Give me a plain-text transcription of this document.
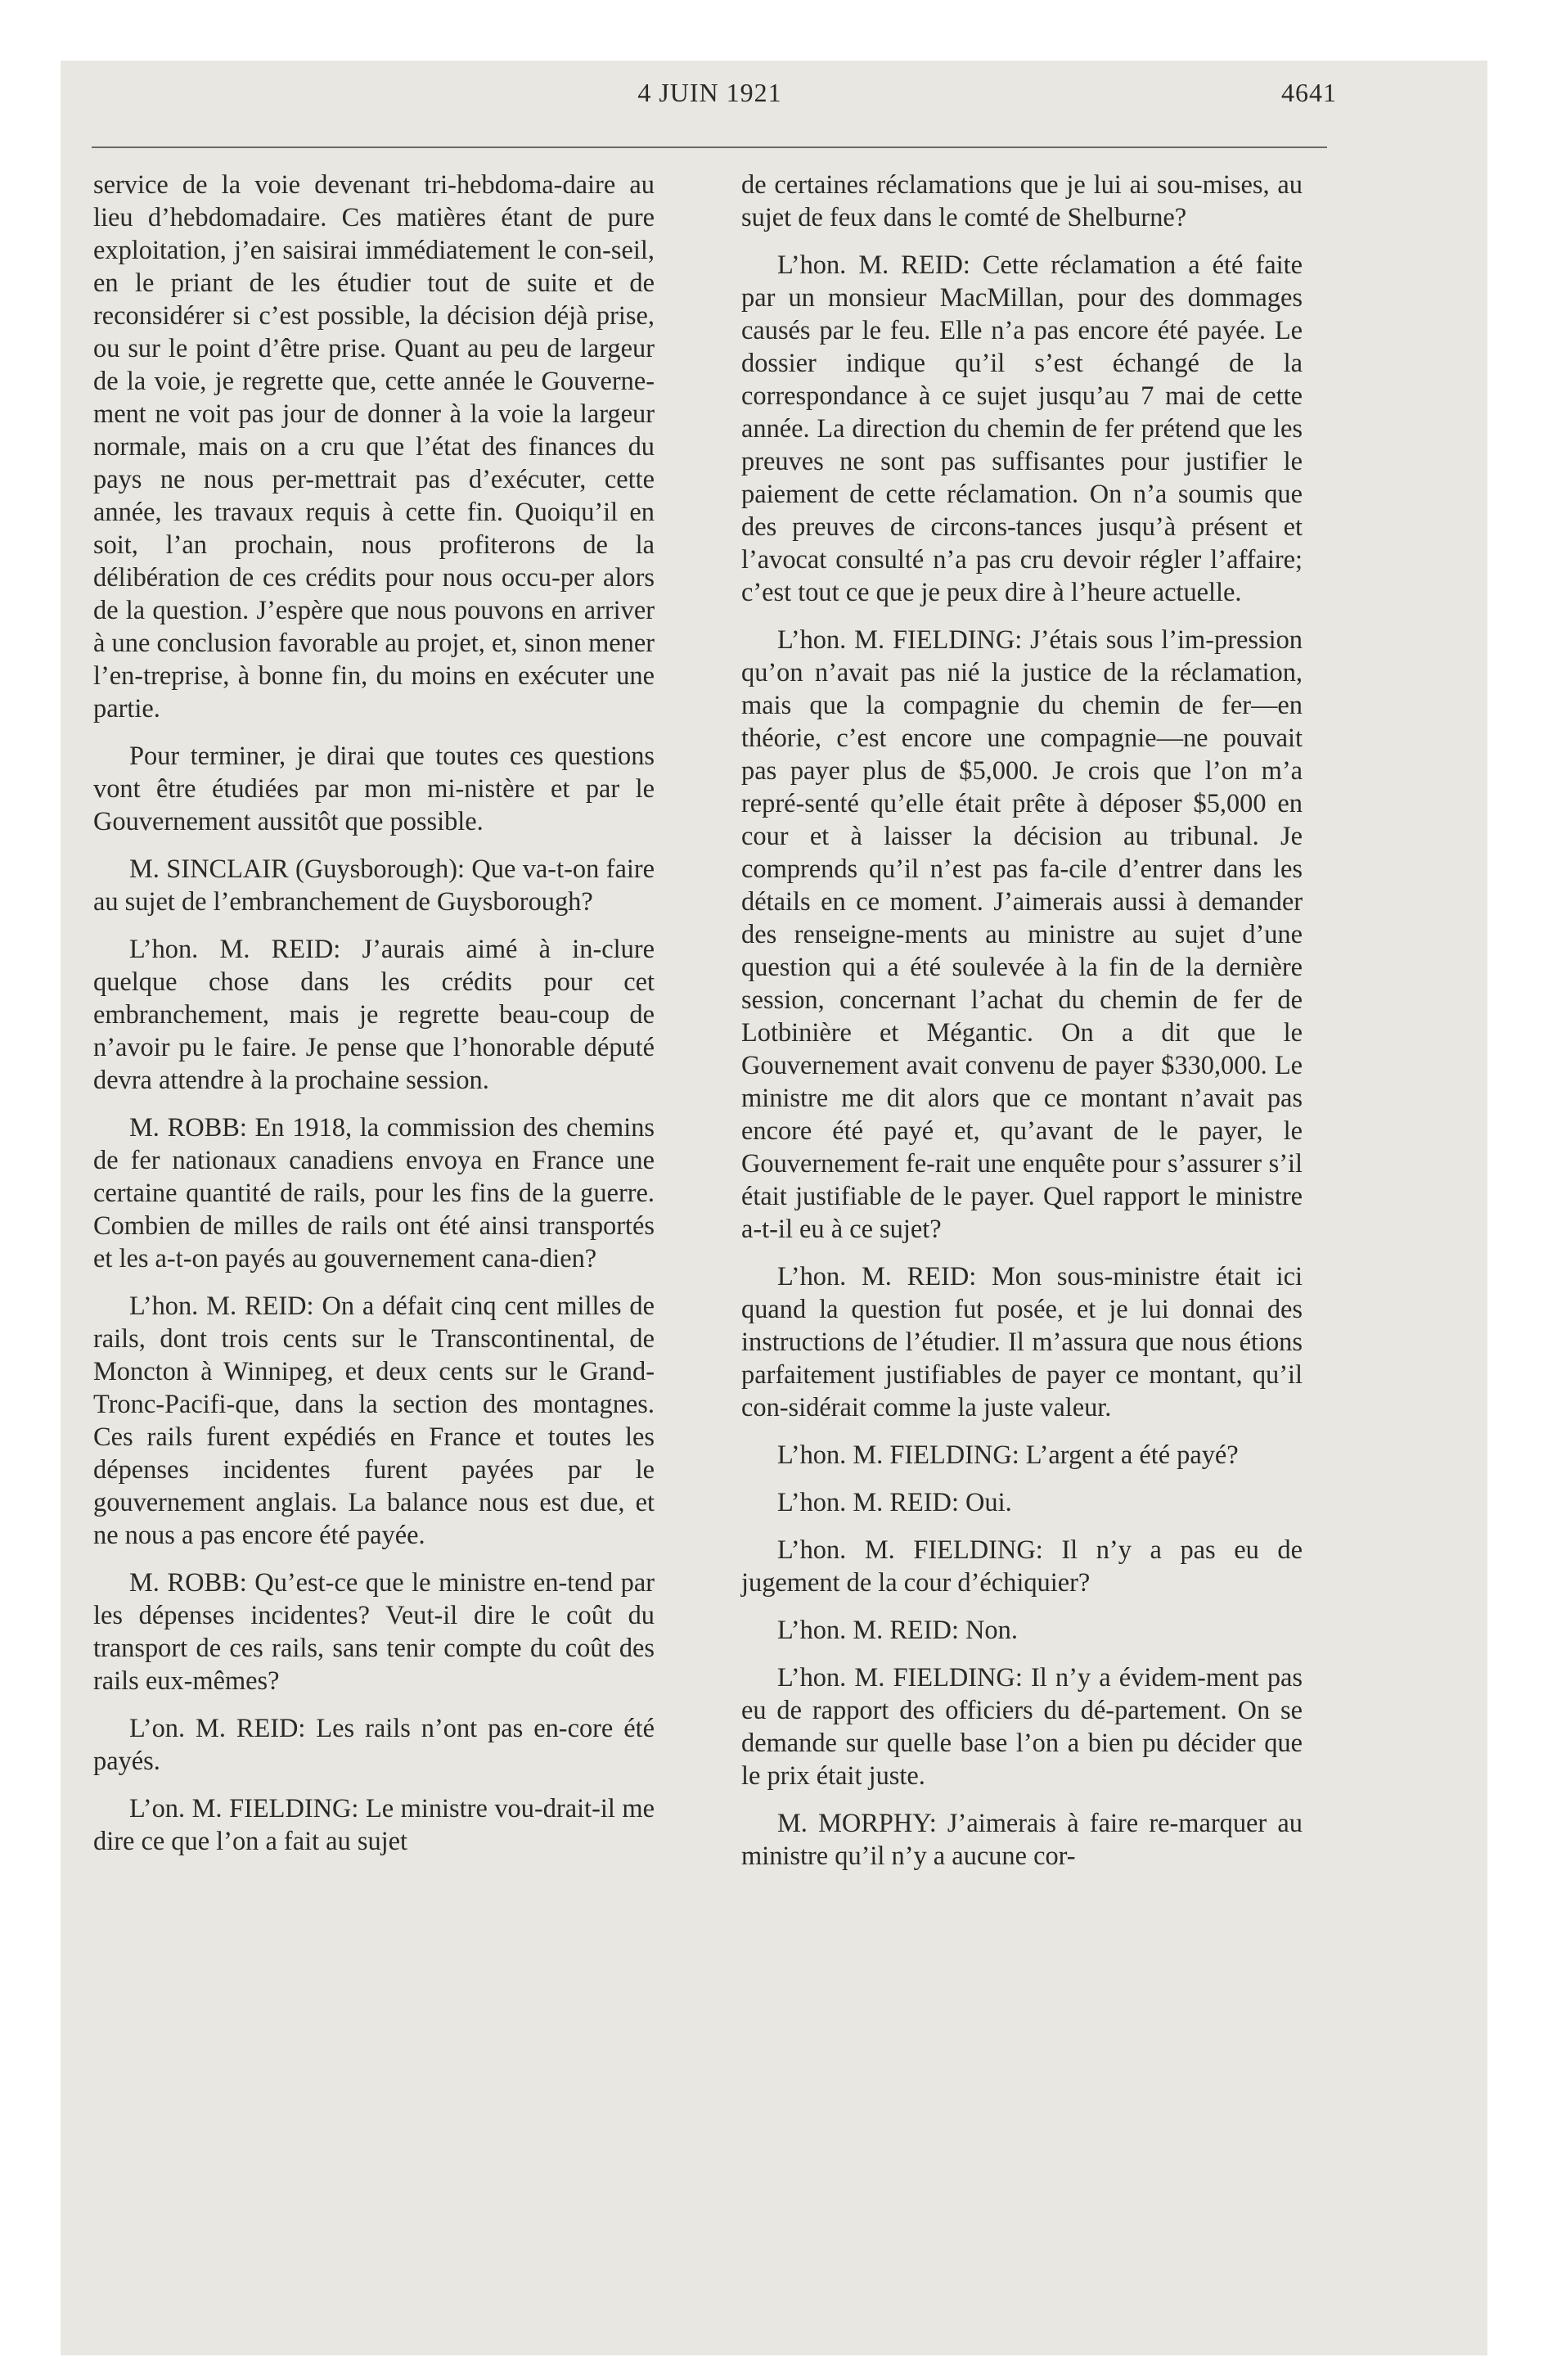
4 JUIN 1921	4641

service de la voie devenant tri-hebdoma-daire au lieu d’hebdomadaire. Ces matières étant de pure exploitation, j’en saisirai immédiatement le con-seil, en le priant de les étudier tout de suite et de reconsidérer si c’est possible, la décision déjà prise, ou sur le point d’être prise. Quant au peu de largeur de la voie, je regrette que, cette année le Gouverne-ment ne voit pas jour de donner à la voie la largeur normale, mais on a cru que l’état des finances du pays ne nous per-mettrait pas d’exécuter, cette année, les travaux requis à cette fin. Quoiqu’il en soit, l’an prochain, nous profiterons de la délibération de ces crédits pour nous occu-per alors de la question. J’espère que nous pouvons en arriver à une conclusion favorable au projet, et, sinon mener l’en-treprise, à bonne fin, du moins en exécuter une partie.

Pour terminer, je dirai que toutes ces questions vont être étudiées par mon mi-nistère et par le Gouvernement aussitôt que possible.

M. SINCLAIR (Guysborough): Que va-t-on faire au sujet de l’embranchement de Guysborough?

L’hon. M. REID: J’aurais aimé à in-clure quelque chose dans les crédits pour cet embranchement, mais je regrette beau-coup de n’avoir pu le faire. Je pense que l’honorable député devra attendre à la prochaine session.

M. ROBB: En 1918, la commission des chemins de fer nationaux canadiens envoya en France une certaine quantité de rails, pour les fins de la guerre. Combien de milles de rails ont été ainsi transportés et les a-t-on payés au gouvernement cana-dien?

L’hon. M. REID: On a défait cinq cent milles de rails, dont trois cents sur le Transcontinental, de Moncton à Winnipeg, et deux cents sur le Grand-Tronc-Pacifi-que, dans la section des montagnes. Ces rails furent expédiés en France et toutes les dépenses incidentes furent payées par le gouvernement anglais. La balance nous est due, et ne nous a pas encore été payée.

M. ROBB: Qu’est-ce que le ministre en-tend par les dépenses incidentes? Veut-il dire le coût du transport de ces rails, sans tenir compte du coût des rails eux-mêmes?

L’on. M. REID: Les rails n’ont pas en-core été payés.

L’on. M. FIELDING: Le ministre vou-drait-il me dire ce que l’on a fait au sujet

de certaines réclamations que je lui ai sou-mises, au sujet de feux dans le comté de Shelburne?

L’hon. M. REID: Cette réclamation a été faite par un monsieur MacMillan, pour des dommages causés par le feu. Elle n’a pas encore été payée. Le dossier indique qu’il s’est échangé de la correspondance à ce sujet jusqu’au 7 mai de cette année. La direction du chemin de fer prétend que les preuves ne sont pas suffisantes pour justifier le paiement de cette réclamation. On n’a soumis que des preuves de circons-tances jusqu’à présent et l’avocat consulté n’a pas cru devoir régler l’affaire; c’est tout ce que je peux dire à l’heure actuelle.

L’hon. M. FIELDING: J’étais sous l’im-pression qu’on n’avait pas nié la justice de la réclamation, mais que la compagnie du chemin de fer—en théorie, c’est encore une compagnie—ne pouvait pas payer plus de $5,000. Je crois que l’on m’a repré-senté qu’elle était prête à déposer $5,000 en cour et à laisser la décision au tribunal. Je comprends qu’il n’est pas fa-cile d’entrer dans les détails en ce moment. J’aimerais aussi à demander des renseigne-ments au ministre au sujet d’une question qui a été soulevée à la fin de la dernière session, concernant l’achat du chemin de fer de Lotbinière et Mégantic. On a dit que le Gouvernement avait convenu de payer $330,000. Le ministre me dit alors que ce montant n’avait pas encore été payé et, qu’avant de le payer, le Gouvernement fe-rait une enquête pour s’assurer s’il était justifiable de le payer. Quel rapport le ministre a-t-il eu à ce sujet?

L’hon. M. REID: Mon sous-ministre était ici quand la question fut posée, et je lui donnai des instructions de l’étudier. Il m’assura que nous étions parfaitement justifiables de payer ce montant, qu’il con-sidérait comme la juste valeur.

L’hon. M. FIELDING: L’argent a été payé?

L’hon. M. REID: Oui.

L’hon. M. FIELDING: Il n’y a pas eu de jugement de la cour d’échiquier?

L’hon. M. REID: Non.

L’hon. M. FIELDING: Il n’y a évidem-ment pas eu de rapport des officiers du dé-partement. On se demande sur quelle base l’on a bien pu décider que le prix était juste.

M. MORPHY: J’aimerais à faire re-marquer au ministre qu’il n’y a aucune cor-
